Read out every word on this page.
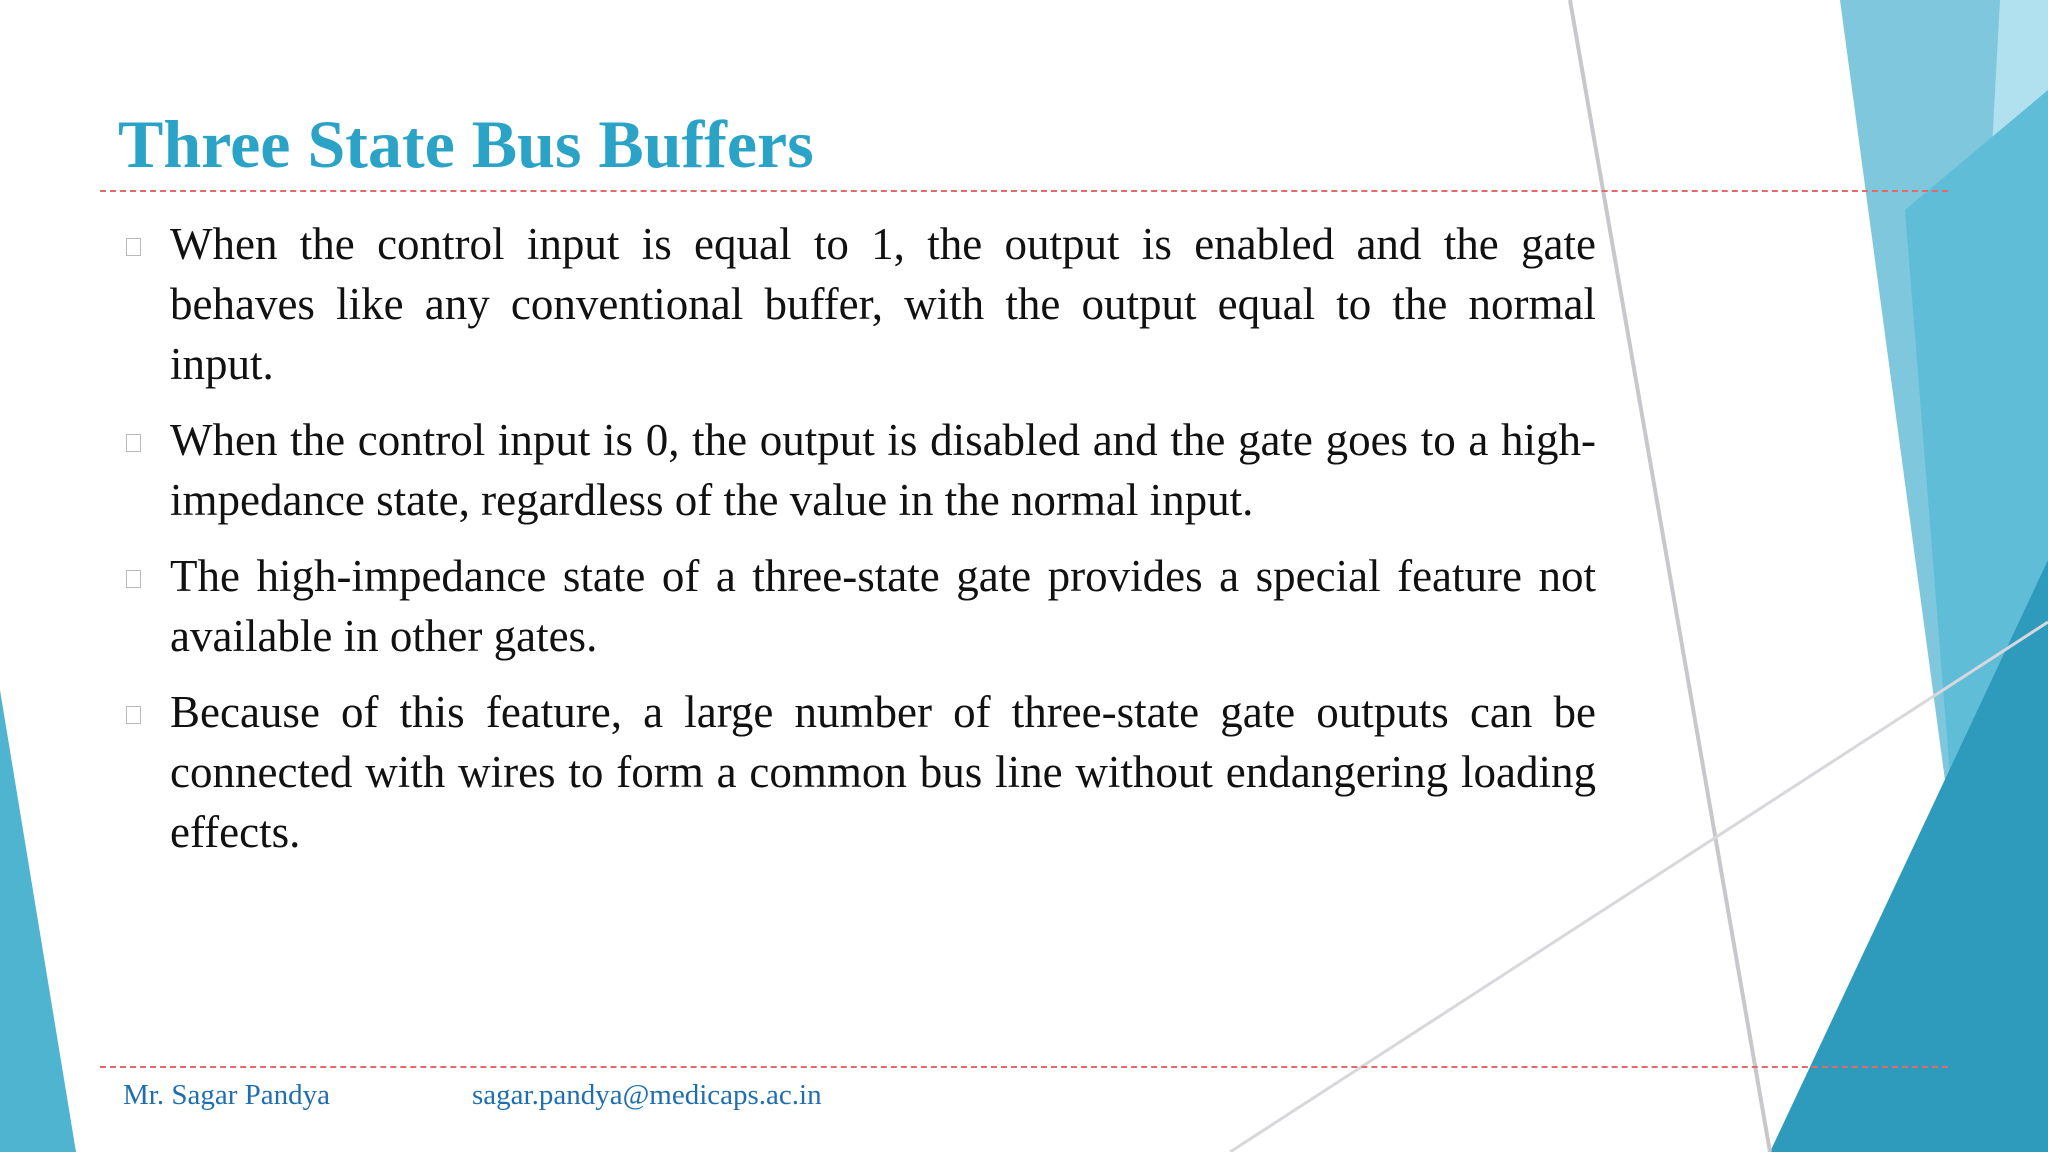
Three State Bus Buffers
When the control input is equal to 1, the output is enabled and the gate behaves like any conventional buffer, with the output equal to the normal input.
When the control input is 0, the output is disabled and the gate goes to a high-impedance state, regardless of the value in the normal input.
The high-impedance state of a three-state gate provides a special feature not available in other gates.
Because of this feature, a large number of three-state gate outputs can be connected with wires to form a common bus line without endangering loading effects.
Mr. Sagar Pandya	sagar.pandya@medicaps.ac.in
